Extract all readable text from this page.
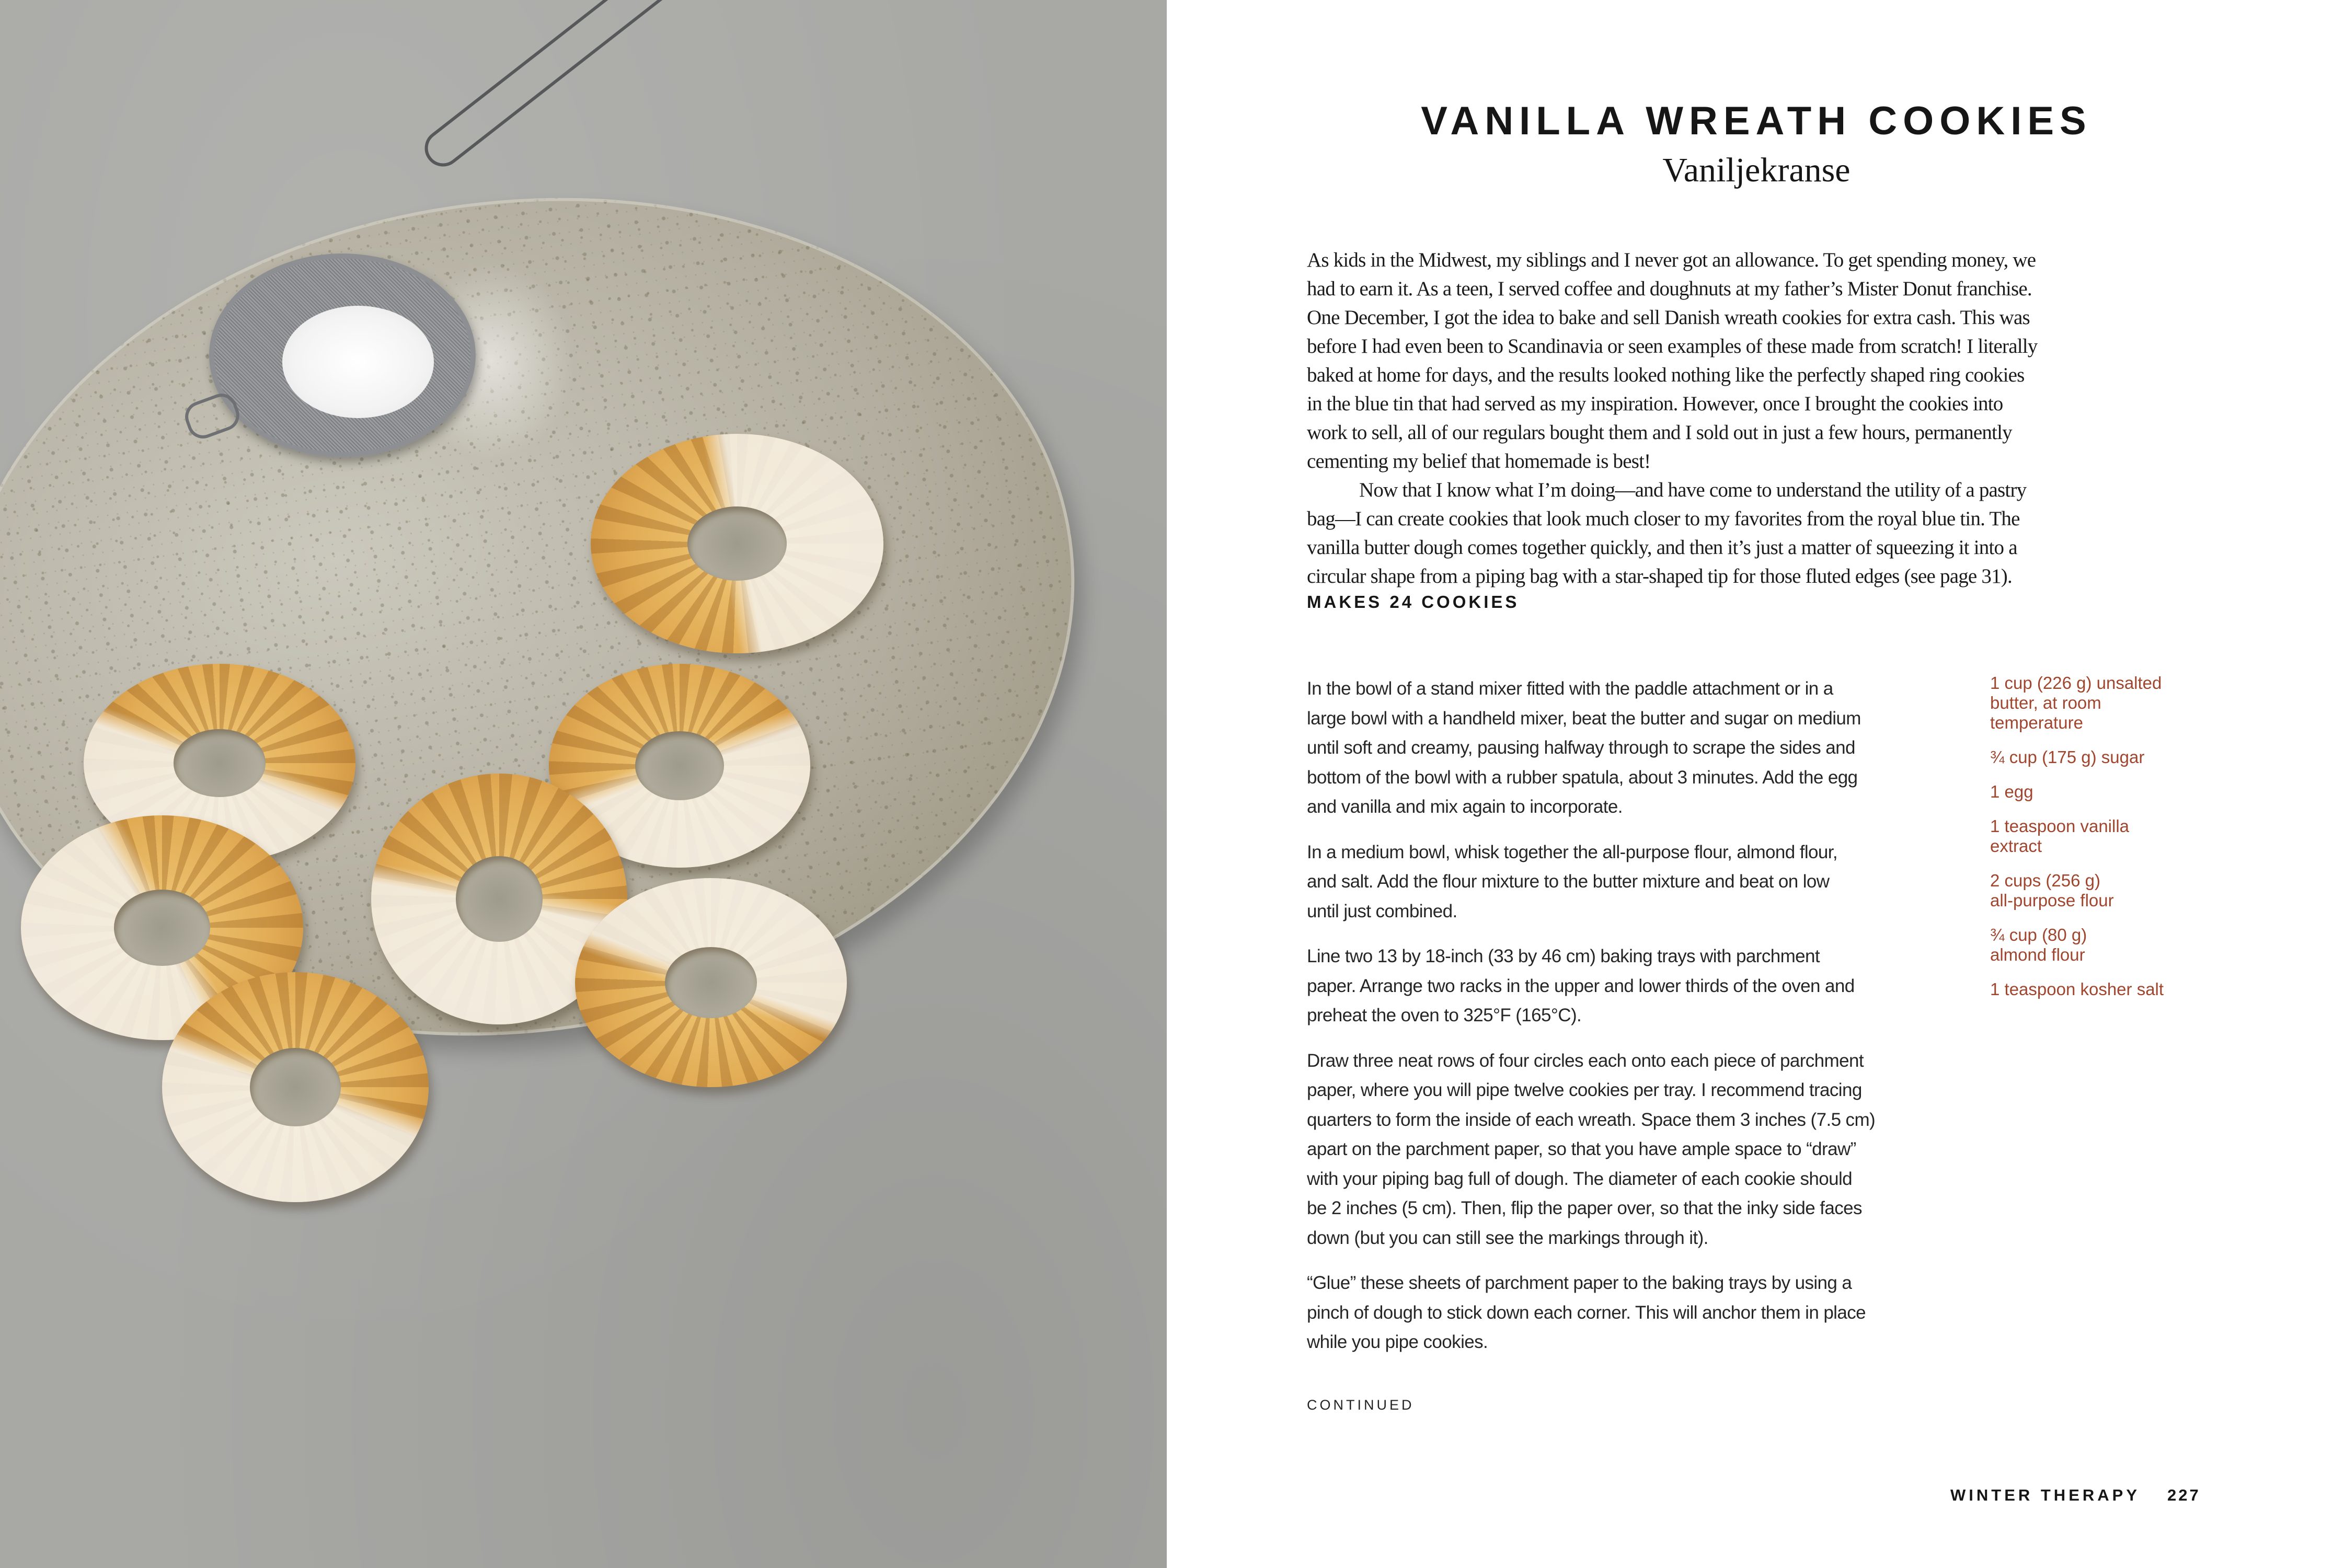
VANILLA WREATH COOKIES
Vaniljekranse
As kids in the Midwest, my siblings and I never got an allowance. To get spending money, we
had to earn it. As a teen, I served coffee and doughnuts at my father’s Mister Donut franchise.
One December, I got the idea to bake and sell Danish wreath cookies for extra cash. This was
before I had even been to Scandinavia or seen examples of these made from scratch! I literally
baked at home for days, and the results looked nothing like the perfectly shaped ring cookies
in the blue tin that had served as my inspiration. However, once I brought the cookies into
work to sell, all of our regulars bought them and I sold out in just a few hours, permanently
cementing my belief that homemade is best!
Now that I know what I’m doing—and have come to understand the utility of a pastry
bag—I can create cookies that look much closer to my favorites from the royal blue tin. The
vanilla butter dough comes together quickly, and then it’s just a matter of squeezing it into a
circular shape from a piping bag with a star-shaped tip for those fluted edges (see page 31).
MAKES 24 COOKIES
In the bowl of a stand mixer fitted with the paddle attachment or in a
large bowl with a handheld mixer, beat the butter and sugar on medium
until soft and creamy, pausing halfway through to scrape the sides and
bottom of the bowl with a rubber spatula, about 3 minutes. Add the egg
and vanilla and mix again to incorporate.
In a medium bowl, whisk together the all-purpose flour, almond flour,
and salt. Add the flour mixture to the butter mixture and beat on low
until just combined.
Line two 13 by 18-inch (33 by 46 cm) baking trays with parchment
paper. Arrange two racks in the upper and lower thirds of the oven and
preheat the oven to 325°F (165°C).
Draw three neat rows of four circles each onto each piece of parchment
paper, where you will pipe twelve cookies per tray. I recommend tracing
quarters to form the inside of each wreath. Space them 3 inches (7.5 cm)
apart on the parchment paper, so that you have ample space to “draw”
with your piping bag full of dough. The diameter of each cookie should
be 2 inches (5 cm). Then, flip the paper over, so that the inky side faces
down (but you can still see the markings through it).
“Glue” these sheets of parchment paper to the baking trays by using a
pinch of dough to stick down each corner. This will anchor them in place
while you pipe cookies.
1 cup (226 g) unsalted
butter, at room
temperature
¾ cup (175 g) sugar
1 egg
1 teaspoon vanilla
extract
2 cups (256 g)
all-purpose flour
¾ cup (80 g)
almond flour
1 teaspoon kosher salt
CONTINUED
WINTER THERAPY 227
